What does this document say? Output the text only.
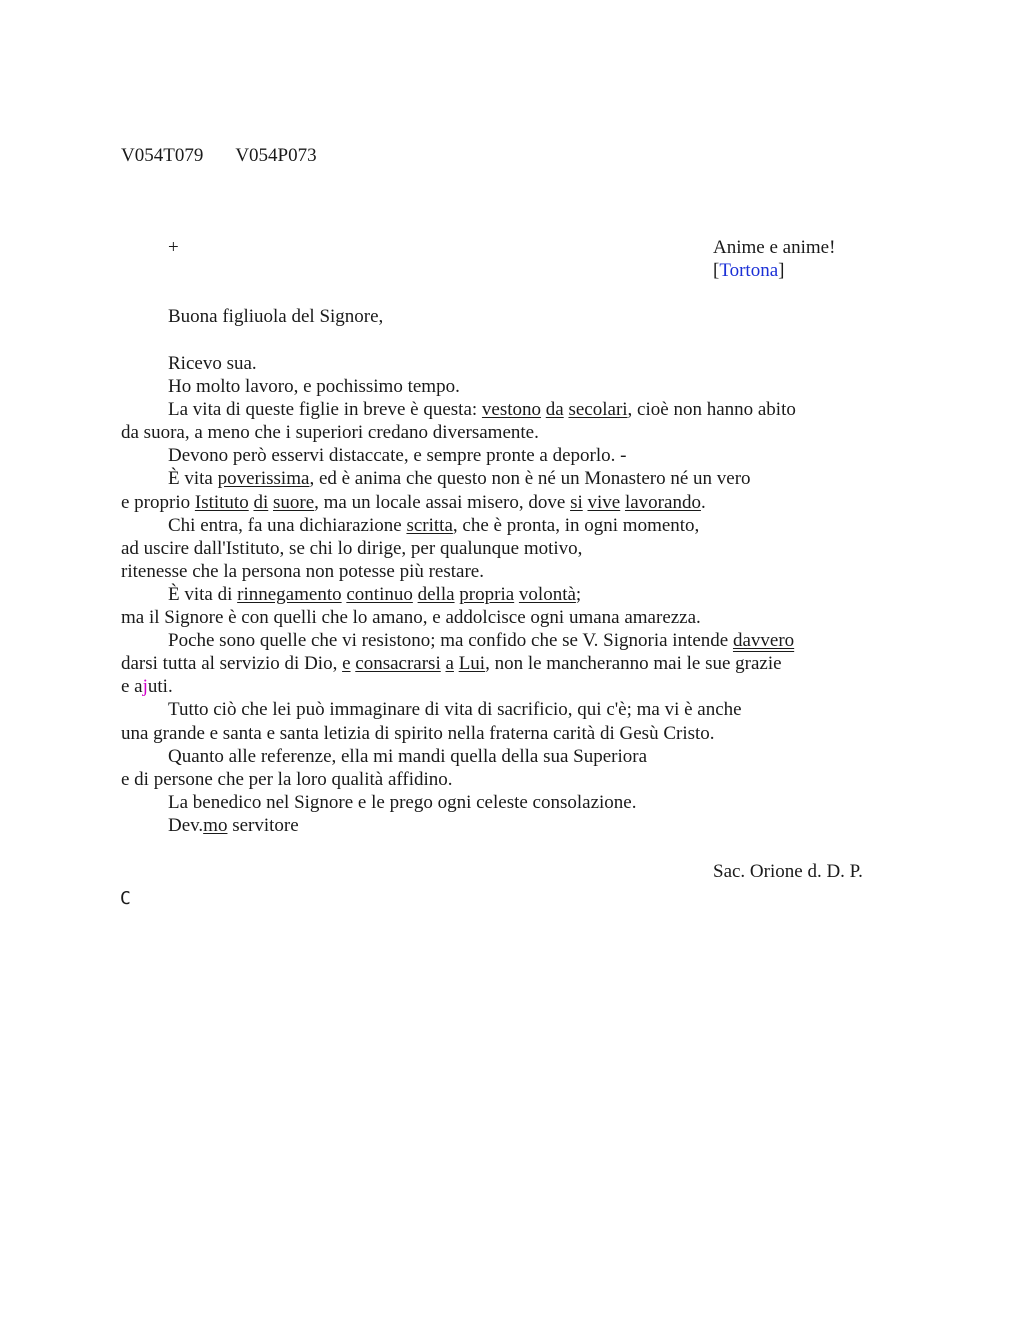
V054T079 V054P073
+	Anime e anime!
[Tortona]
Buona figliuola del Signore,
Ricevo sua.
Ho molto lavoro, e pochissimo tempo.
La vita di queste figlie in breve è questa: vestono da secolari, cioè non hanno abito
da suora, a meno che i superiori credano diversamente.
Devono però esservi distaccate, e sempre pronte a deporlo. -
È vita poverissima, ed è anima che questo non è né un Monastero né un vero
e proprio Istituto di suore, ma un locale assai misero, dove si vive lavorando.
Chi entra, fa una dichiarazione scritta, che è pronta, in ogni momento,
ad uscire dall'Istituto, se chi lo dirige, per qualunque motivo,
ritenesse che la persona non potesse più restare.
È vita di rinnegamento continuo della propria volontà;
ma il Signore è con quelli che lo amano, e addolcisce ogni umana amarezza.
Poche sono quelle che vi resistono; ma confido che se V. Signoria intende davvero
darsi tutta al servizio di Dio, e consacrarsi a Lui, non le mancheranno mai le sue grazie
e ajuti.
Tutto ciò che lei può immaginare di vita di sacrificio, qui c'è; ma vi è anche
una grande e santa e santa letizia di spirito nella fraterna carità di Gesù Cristo.
Quanto alle referenze, ella mi mandi quella della sua Superiora
e di persone che per la loro qualità affidino.
La benedico nel Signore e le prego ogni celeste consolazione.
Dev.mo servitore
Sac. Orione d. D. P.
C
